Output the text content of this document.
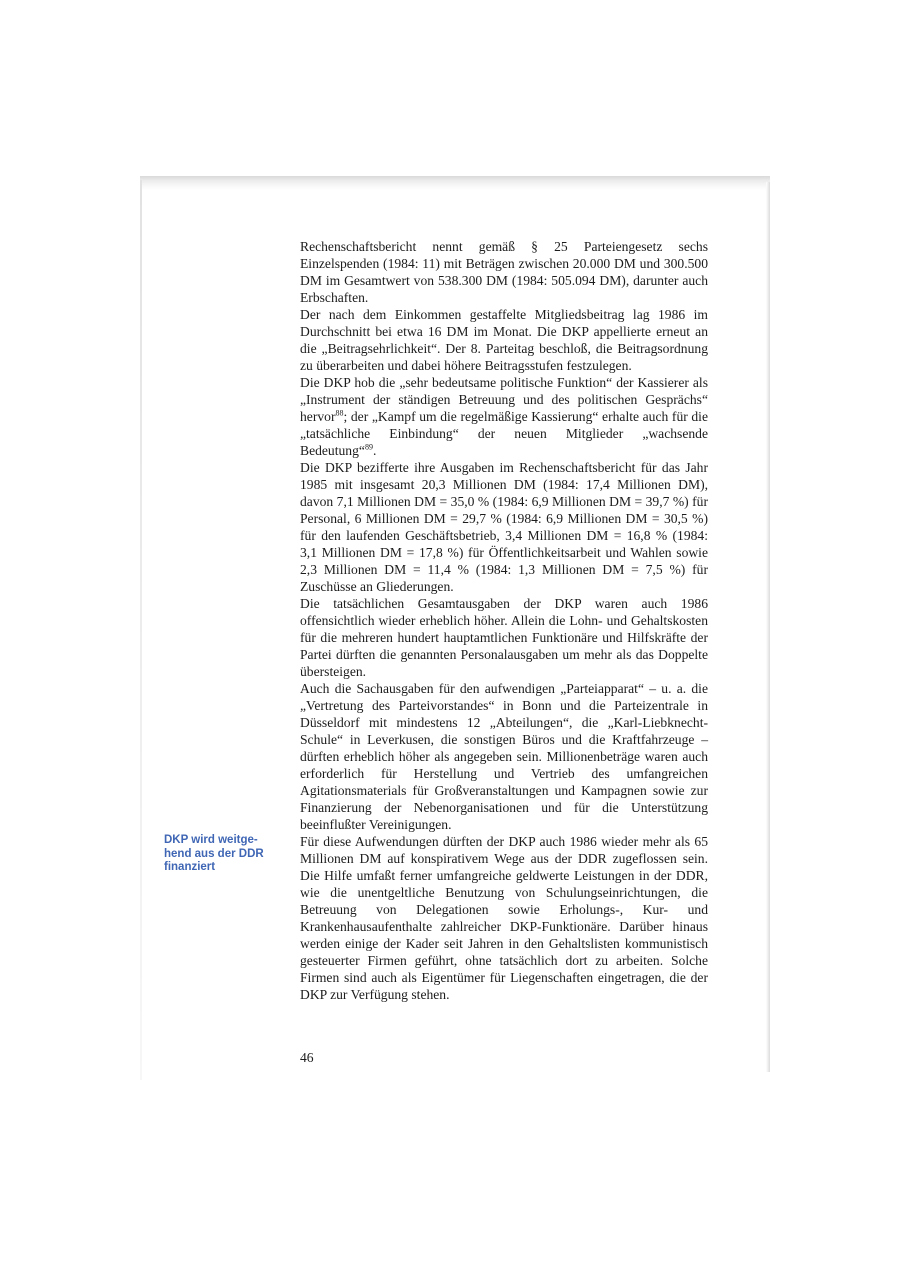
Rechenschaftsbericht nennt gemäß § 25 Parteiengesetz sechs Einzelspenden (1984: 11) mit Beträgen zwischen 20.000 DM und 300.500 DM im Gesamtwert von 538.300 DM (1984: 505.094 DM), darunter auch Erbschaften.

Der nach dem Einkommen gestaffelte Mitgliedsbeitrag lag 1986 im Durchschnitt bei etwa 16 DM im Monat. Die DKP appellierte erneut an die „Beitragsehrlichkeit“. Der 8. Parteitag beschloß, die Beitragsordnung zu überarbeiten und dabei höhere Beitragsstufen festzulegen.

Die DKP hob die „sehr bedeutsame politische Funktion“ der Kassierer als „Instrument der ständigen Betreuung und des politischen Gesprächs“ hervor$^{88}$; der „Kampf um die regelmäßige Kassierung“ erhalte auch für die „tatsächliche Einbindung“ der neuen Mitglieder „wachsende Bedeutung“$^{89}$.

Die DKP bezifferte ihre Ausgaben im Rechenschaftsbericht für das Jahr 1985 mit insgesamt 20,3 Millionen DM (1984: 17,4 Millionen DM), davon 7,1 Millionen DM = 35,0 % (1984: 6,9 Millionen DM = 39,7 %) für Personal, 6 Millionen DM = 29,7 % (1984: 6,9 Millionen DM = 30,5 %) für den laufenden Geschäftsbetrieb, 3,4 Millionen DM = 16,8 % (1984: 3,1 Millionen DM = 17,8 %) für Öffentlichkeitsarbeit und Wahlen sowie 2,3 Millionen DM = 11,4 % (1984: 1,3 Millionen DM = 7,5 %) für Zuschüsse an Gliederungen.

Die tatsächlichen Gesamtausgaben der DKP waren auch 1986 offensichtlich wieder erheblich höher. Allein die Lohn- und Gehaltskosten für die mehreren hundert hauptamtlichen Funktionäre und Hilfskräfte der Partei dürften die genannten Personalausgaben um mehr als das Doppelte übersteigen.

Auch die Sachausgaben für den aufwendigen „Parteiapparat“ – u. a. die „Vertretung des Parteivorstandes“ in Bonn und die Parteizentrale in Düsseldorf mit mindestens 12 „Abteilungen“, die „Karl-Liebknecht-Schule“ in Leverkusen, die sonstigen Büros und die Kraftfahrzeuge – dürften erheblich höher als angegeben sein. Millionenbeträge waren auch erforderlich für Herstellung und Vertrieb des umfangreichen Agitationsmaterials für Großveranstaltungen und Kampagnen sowie zur Finanzierung der Nebenorganisationen und für die Unterstützung beeinflußter Vereinigungen.

Für diese Aufwendungen dürften der DKP auch 1986 wieder mehr als 65 Millionen DM auf konspirativem Wege aus der DDR zugeflossen sein. Die Hilfe umfaßt ferner umfangreiche geldwerte Leistungen in der DDR, wie die unentgeltliche Benutzung von Schulungseinrichtungen, die Betreuung von Delegationen sowie Erholungs-, Kur- und Krankenhausaufenthalte zahlreicher DKP-Funktionäre. Darüber hinaus werden einige der Kader seit Jahren in den Gehaltslisten kommunistisch gesteuerter Firmen geführt, ohne tatsächlich dort zu arbeiten. Solche Firmen sind auch als Eigentümer für Liegenschaften eingetragen, die der DKP zur Verfügung stehen.

DKP wird weitge-
hend aus der DDR
finanziert
46
